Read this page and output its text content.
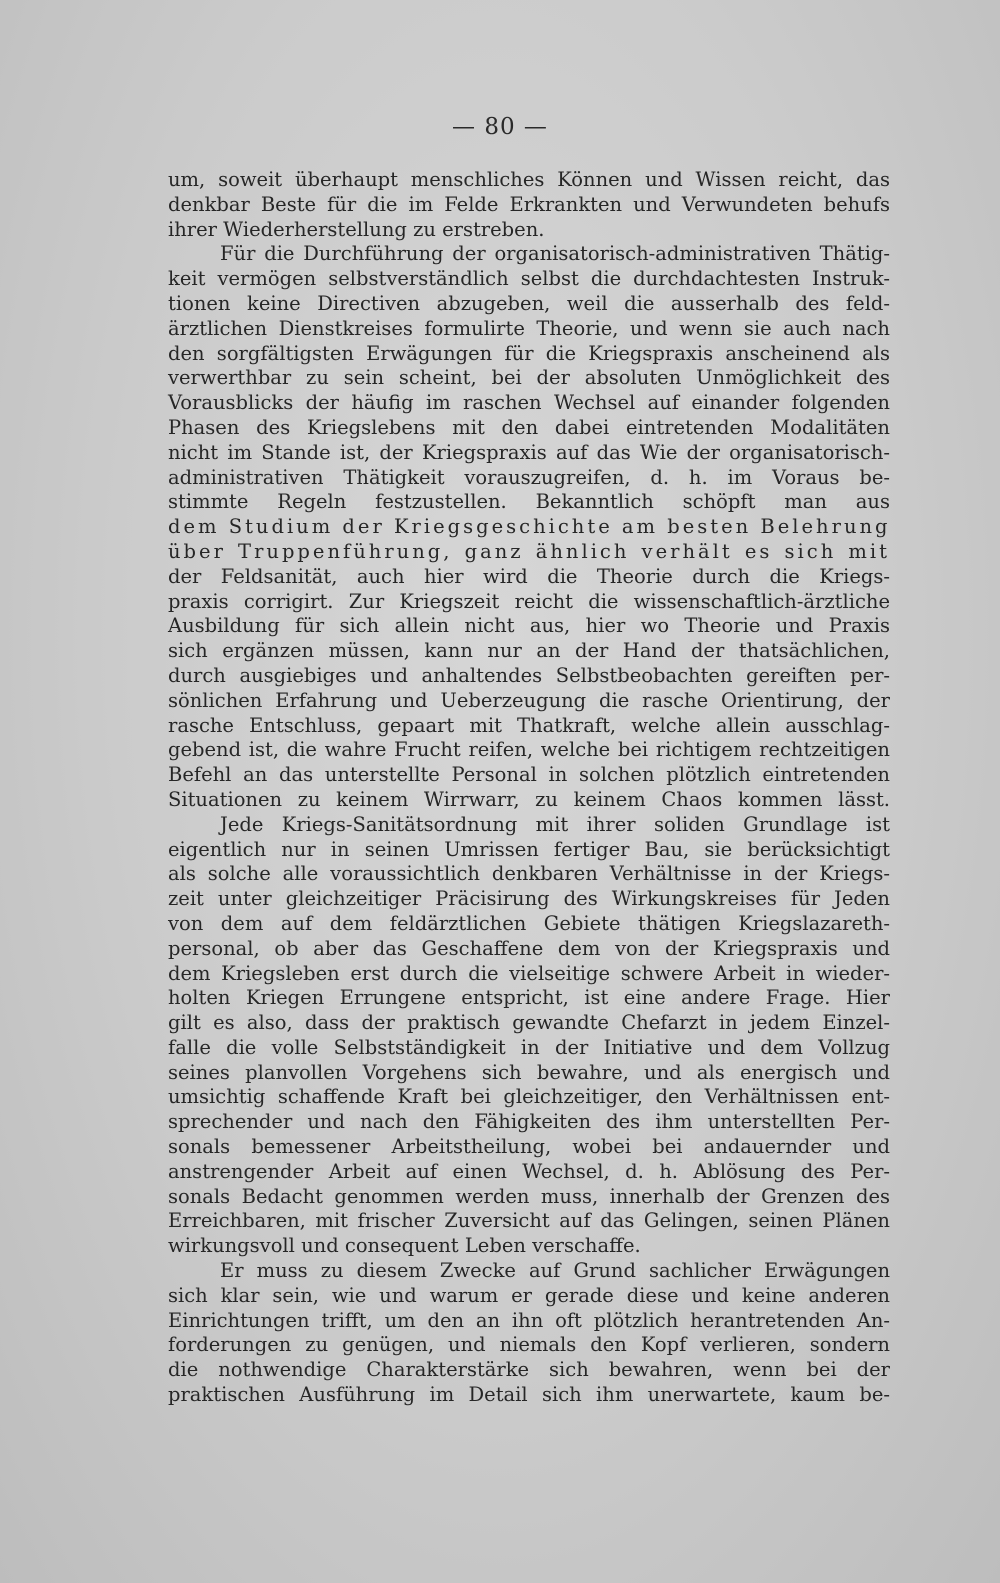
— 80 —
um, soweit überhaupt menschliches Können und Wissen reicht, das
denkbar Beste für die im Felde Erkrankten und Verwundeten behufs
ihrer Wiederherstellung zu erstreben.
Für die Durchführung der organisatorisch-administrativen Thätig-
keit vermögen selbstverständlich selbst die durchdachtesten Instruk-
tionen keine Directiven abzugeben, weil die ausserhalb des feld-
ärztlichen Dienstkreises formulirte Theorie, und wenn sie auch nach
den sorgfältigsten Erwägungen für die Kriegspraxis anscheinend als
verwerthbar zu sein scheint, bei der absoluten Unmöglichkeit des
Vorausblicks der häufig im raschen Wechsel auf einander folgenden
Phasen des Kriegslebens mit den dabei eintretenden Modalitäten
nicht im Stande ist, der Kriegspraxis auf das Wie der organisatorisch-
administrativen Thätigkeit vorauszugreifen, d. h. im Voraus be-
stimmte Regeln festzustellen. Bekanntlich schöpft man aus
dem Studium der Kriegsgeschichte am besten Belehrung
über Truppenführung, ganz ähnlich verhält es sich mit
der Feldsanität, auch hier wird die Theorie durch die Kriegs-
praxis corrigirt. Zur Kriegszeit reicht die wissenschaftlich-ärztliche
Ausbildung für sich allein nicht aus, hier wo Theorie und Praxis
sich ergänzen müssen, kann nur an der Hand der thatsächlichen,
durch ausgiebiges und anhaltendes Selbstbeobachten gereiften per-
sönlichen Erfahrung und Ueberzeugung die rasche Orientirung, der
rasche Entschluss, gepaart mit Thatkraft, welche allein ausschlag-
gebend ist, die wahre Frucht reifen, welche bei richtigem rechtzeitigen
Befehl an das unterstellte Personal in solchen plötzlich eintretenden
Situationen zu keinem Wirrwarr, zu keinem Chaos kommen lässt.
Jede Kriegs-Sanitätsordnung mit ihrer soliden Grundlage ist
eigentlich nur in seinen Umrissen fertiger Bau, sie berücksichtigt
als solche alle voraussichtlich denkbaren Verhältnisse in der Kriegs-
zeit unter gleichzeitiger Präcisirung des Wirkungskreises für Jeden
von dem auf dem feldärztlichen Gebiete thätigen Kriegslazareth-
personal, ob aber das Geschaffene dem von der Kriegspraxis und
dem Kriegsleben erst durch die vielseitige schwere Arbeit in wieder-
holten Kriegen Errungene entspricht, ist eine andere Frage. Hier
gilt es also, dass der praktisch gewandte Chefarzt in jedem Einzel-
falle die volle Selbstständigkeit in der Initiative und dem Vollzug
seines planvollen Vorgehens sich bewahre, und als energisch und
umsichtig schaffende Kraft bei gleichzeitiger, den Verhältnissen ent-
sprechender und nach den Fähigkeiten des ihm unterstellten Per-
sonals bemessener Arbeitstheilung, wobei bei andauernder und
anstrengender Arbeit auf einen Wechsel, d. h. Ablösung des Per-
sonals Bedacht genommen werden muss, innerhalb der Grenzen des
Erreichbaren, mit frischer Zuversicht auf das Gelingen, seinen Plänen
wirkungsvoll und consequent Leben verschaffe.
Er muss zu diesem Zwecke auf Grund sachlicher Erwägungen
sich klar sein, wie und warum er gerade diese und keine anderen
Einrichtungen trifft, um den an ihn oft plötzlich herantretenden An-
forderungen zu genügen, und niemals den Kopf verlieren, sondern
die nothwendige Charakterstärke sich bewahren, wenn bei der
praktischen Ausführung im Detail sich ihm unerwartete, kaum be-
